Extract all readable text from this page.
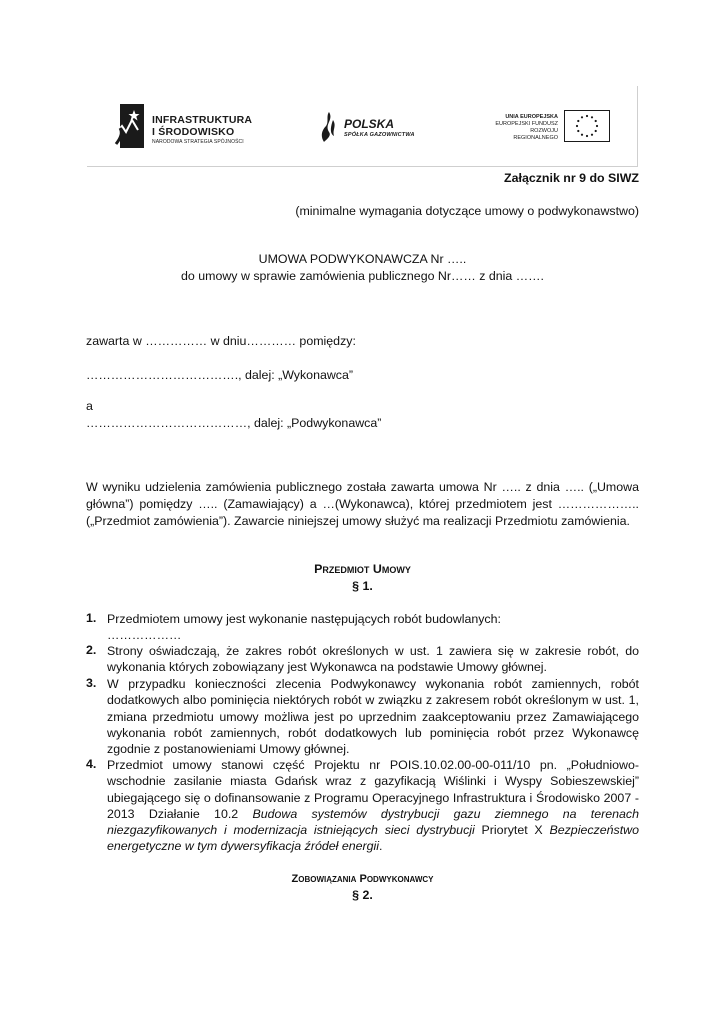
INFRASTRUKTURA
I ŚRODOWISKO
NARODOWA STRATEGIA SPÓJNOŚCI
POLSKA
SPÓŁKA GAZOWNICTWA
UNIA EUROPEJSKA
EUROPEJSKI FUNDUSZ
ROZWOJU REGIONALNEGO
Załącznik nr 9 do SIWZ
(minimalne wymagania dotyczące umowy o podwykonawstwo)
UMOWA PODWYKONAWCZA Nr …..
do umowy w sprawie zamówienia publicznego Nr…… z dnia …….
zawarta w …………… w dniu………… pomiędzy:
………………………………., dalej: „Wykonawca”
a
…………………………………, dalej: „Podwykonawca”
W wyniku udzielenia zamówienia publicznego została zawarta umowa Nr ….. z dnia ….. („Umowa
główna”) pomiędzy ….. (Zamawiający) a …(Wykonawca), której przedmiotem jest ………………..
(„Przedmiot zamówienia”). Zawarcie niniejszej umowy służyć ma realizacji Przedmiotu zamówienia.
Przedmiot Umowy
§ 1.
1. Przedmiotem umowy jest wykonanie następujących robót budowlanych:
………………
2. Strony oświadczają, że zakres robót określonych w ust. 1 zawiera się w zakresie robót, do
wykonania których zobowiązany jest Wykonawca na podstawie Umowy głównej.
3. W przypadku konieczności zlecenia Podwykonawcy wykonania robót zamiennych, robót
dodatkowych albo pominięcia niektórych robót w związku z zakresem robót określonym w ust. 1,
zmiana przedmiotu umowy możliwa jest po uprzednim zaakceptowaniu przez Zamawiającego
wykonania robót zamiennych, robót dodatkowych lub pominięcia robót przez Wykonawcę
zgodnie z postanowieniami Umowy głównej.
4. Przedmiot umowy stanowi część Projektu nr POIS.10.02.00-00-011/10 pn. „Południowo-
wschodnie zasilanie miasta Gdańsk wraz z gazyfikacją Wiślinki i Wyspy Sobieszewskiej”
ubiegającego się o dofinansowanie z Programu Operacyjnego Infrastruktura i Środowisko 2007 -
2013 Działanie 10.2 Budowa systemów dystrybucji gazu ziemnego na terenach
niezgazyfikowanych i modernizacja istniejących sieci dystrybucji Priorytet X Bezpieczeństwo
energetyczne w tym dywersyfikacja źródeł energii.
Zobowiązania Podwykonawcy
§ 2.
